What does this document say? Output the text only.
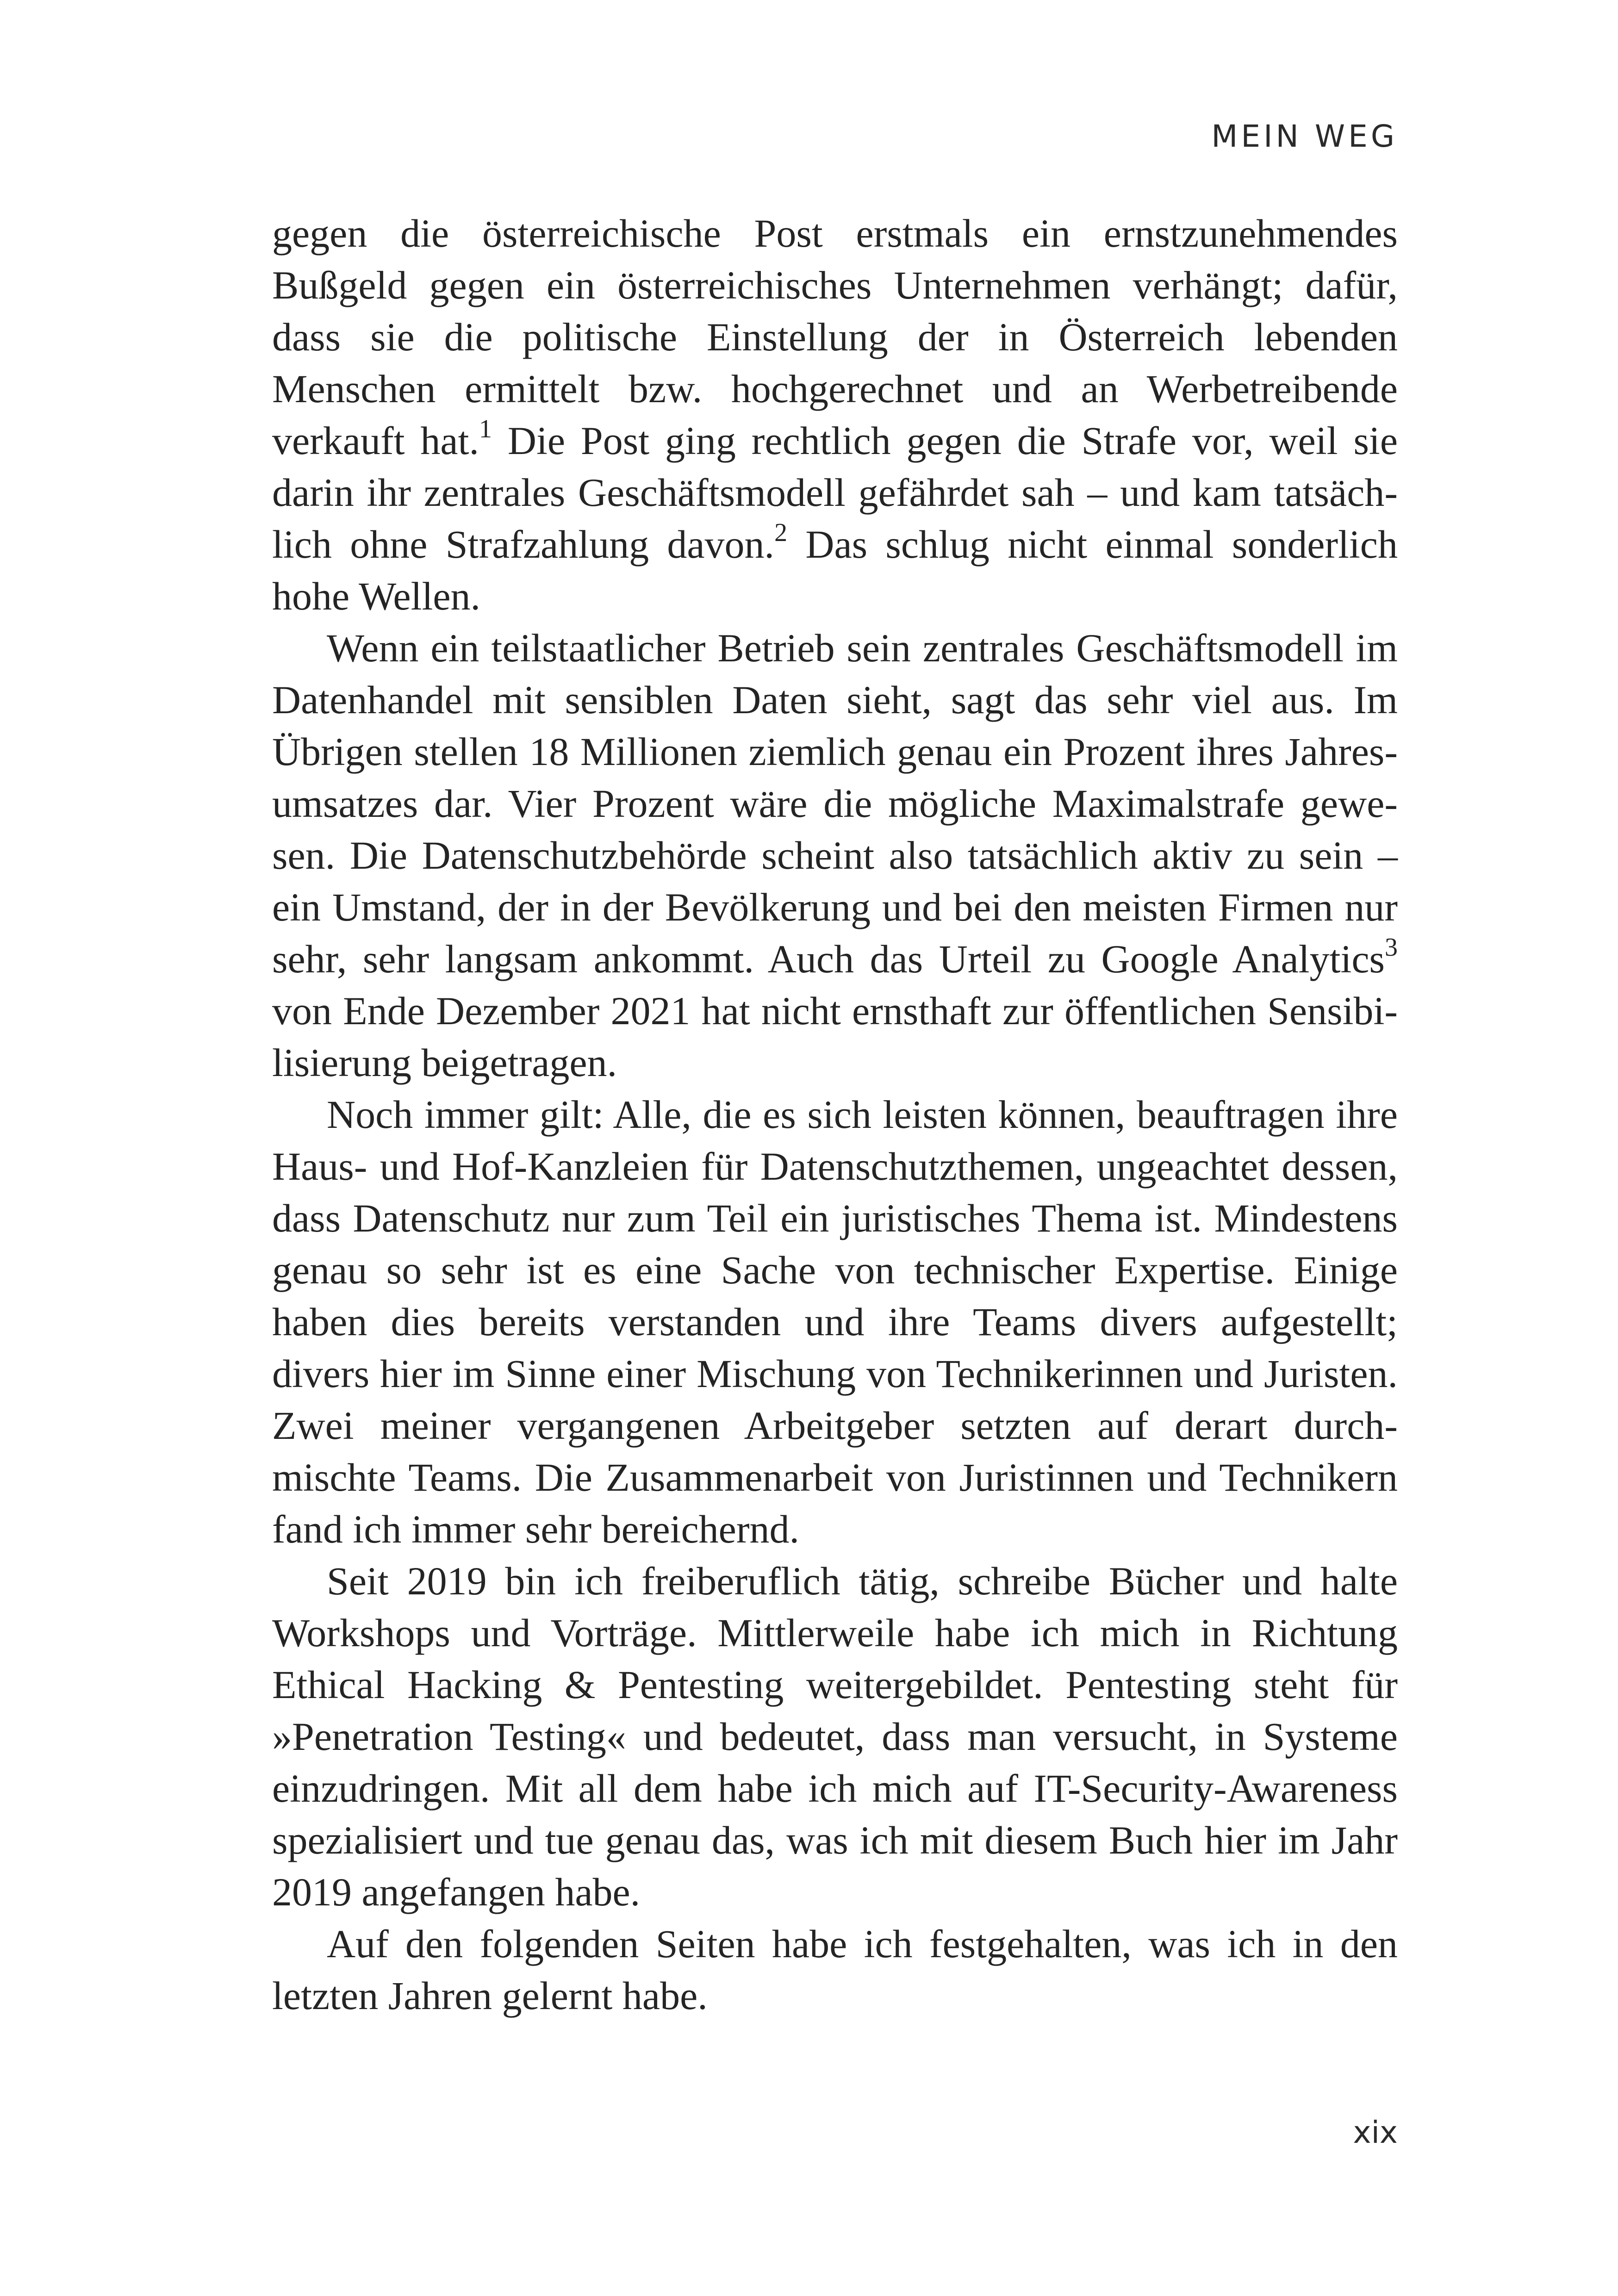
MEIN WEG
gegen die österreichische Post erstmals ein ernstzunehmendes
Bußgeld gegen ein österreichisches Unternehmen verhängt; dafür,
dass sie die politische Einstellung der in Österreich lebenden
Menschen ermittelt bzw. hochgerechnet und an Werbetreibende
verkauft hat.$^1$ Die Post ging rechtlich gegen die Strafe vor, weil sie
darin ihr zentrales Geschäftsmodell gefährdet sah – und kam tatsäch-
lich ohne Strafzahlung davon.$^2$ Das schlug nicht einmal sonderlich
hohe Wellen.
Wenn ein teilstaatlicher Betrieb sein zentrales Geschäftsmodell im
Datenhandel mit sensiblen Daten sieht, sagt das sehr viel aus. Im
Übrigen stellen 18 Millionen ziemlich genau ein Prozent ihres Jahres-
umsatzes dar. Vier Prozent wäre die mögliche Maximalstrafe gewe-
sen. Die Datenschutzbehörde scheint also tatsächlich aktiv zu sein –
ein Umstand, der in der Bevölkerung und bei den meisten Firmen nur
sehr, sehr langsam ankommt. Auch das Urteil zu Google Analytics$^3$
von Ende Dezember 2021 hat nicht ernsthaft zur öffentlichen Sensibi-
lisierung beigetragen.
Noch immer gilt: Alle, die es sich leisten können, beauftragen ihre
Haus- und Hof-Kanzleien für Datenschutzthemen, ungeachtet dessen,
dass Datenschutz nur zum Teil ein juristisches Thema ist. Mindestens
genau so sehr ist es eine Sache von technischer Expertise. Einige
haben dies bereits verstanden und ihre Teams divers aufgestellt;
divers hier im Sinne einer Mischung von Technikerinnen und Juristen.
Zwei meiner vergangenen Arbeitgeber setzten auf derart durch-
mischte Teams. Die Zusammenarbeit von Juristinnen und Technikern
fand ich immer sehr bereichernd.
Seit 2019 bin ich freiberuflich tätig, schreibe Bücher und halte
Workshops und Vorträge. Mittlerweile habe ich mich in Richtung
Ethical Hacking & Pentesting weitergebildet. Pentesting steht für
»Penetration Testing« und bedeutet, dass man versucht, in Systeme
einzudringen. Mit all dem habe ich mich auf IT-Security-Awareness
spezialisiert und tue genau das, was ich mit diesem Buch hier im Jahr
2019 angefangen habe.
Auf den folgenden Seiten habe ich festgehalten, was ich in den
letzten Jahren gelernt habe.
xix
